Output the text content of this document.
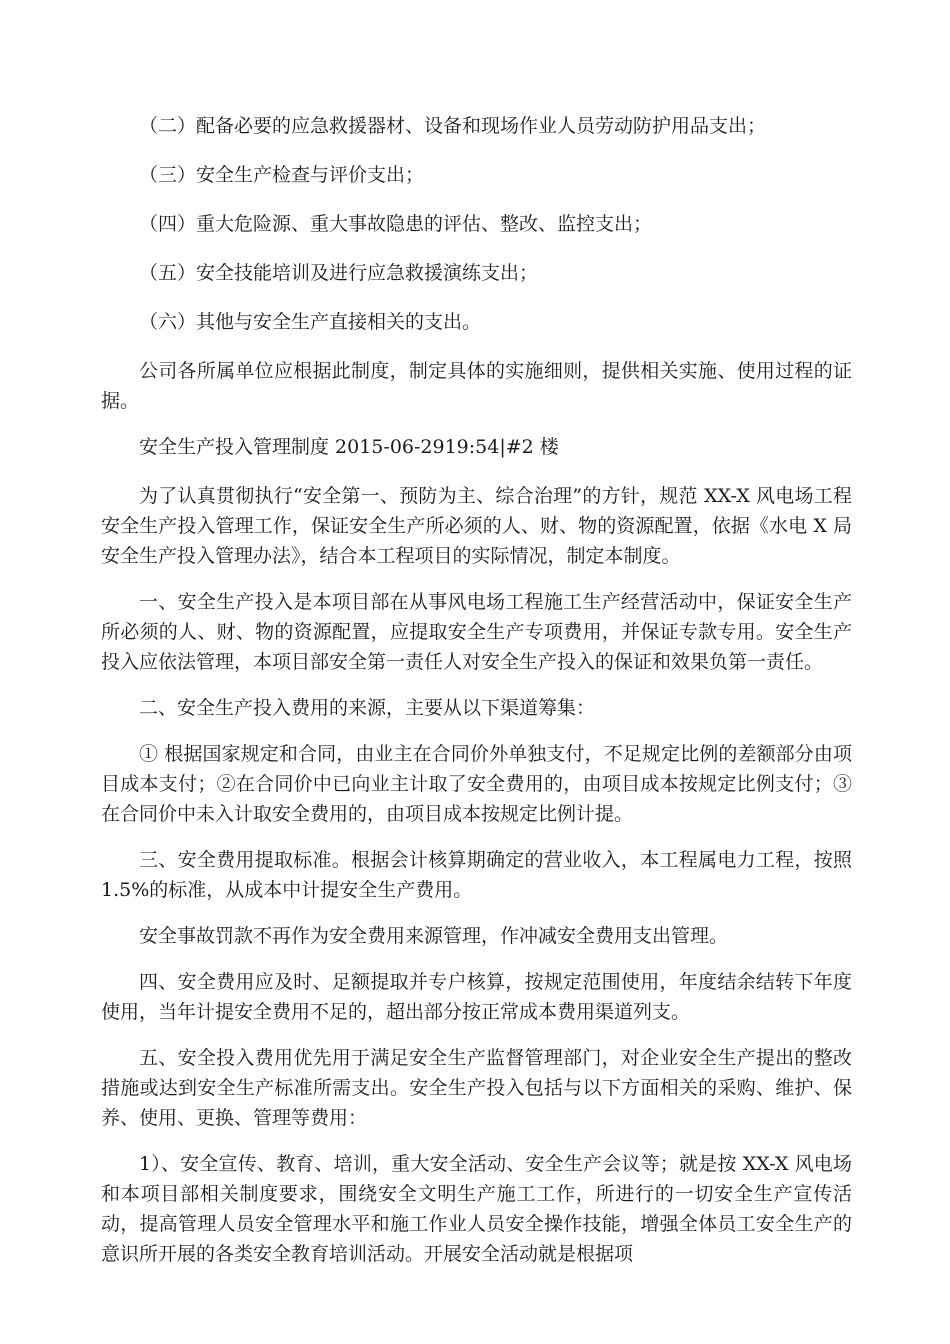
（二）配备必要的应急救援器材、设备和现场作业人员劳动防护用品支出；

（三）安全生产检查与评价支出；

（四）重大危险源、重大事故隐患的评估、整改、监控支出；

（五）安全技能培训及进行应急救援演练支出；

（六）其他与安全生产直接相关的支出。

公司各所属单位应根据此制度，制定具体的实施细则，提供相关实施、使用过程的证据。

安全生产投入管理制度 2015-06-2919:54|#2 楼

为了认真贯彻执行“安全第一、预防为主、综合治理”的方针，规范 XX-X 风电场工程安全生产投入管理工作，保证安全生产所必须的人、财、物的资源配置，依据《水电 X 局安全生产投入管理办法》，结合本工程项目的实际情况，制定本制度。

一、安全生产投入是本项目部在从事风电场工程施工生产经营活动中，保证安全生产所必须的人、财、物的资源配置，应提取安全生产专项费用，并保证专款专用。安全生产投入应依法管理，本项目部安全第一责任人对安全生产投入的保证和效果负第一责任。

二、安全生产投入费用的来源，主要从以下渠道筹集：

① 根据国家规定和合同，由业主在合同价外单独支付，不足规定比例的差额部分由项目成本支付；②在合同价中已向业主计取了安全费用的，由项目成本按规定比例支付；③在合同价中未入计取安全费用的，由项目成本按规定比例计提。

三、安全费用提取标准。根据会计核算期确定的营业收入，本工程属电力工程，按照 1.5%的标准，从成本中计提安全生产费用。

安全事故罚款不再作为安全费用来源管理，作冲减安全费用支出管理。

四、安全费用应及时、足额提取并专户核算，按规定范围使用，年度结余结转下年度使用，当年计提安全费用不足的，超出部分按正常成本费用渠道列支。

五、安全投入费用优先用于满足安全生产监督管理部门，对企业安全生产提出的整改措施或达到安全生产标准所需支出。安全生产投入包括与以下方面相关的采购、维护、保养、使用、更换、管理等费用：

1）、安全宣传、教育、培训，重大安全活动、安全生产会议等；就是按 XX-X 风电场和本项目部相关制度要求，围绕安全文明生产施工工作，所进行的一切安全生产宣传活动，提高管理人员安全管理水平和施工作业人员安全操作技能，增强全体员工安全生产的意识所开展的各类安全教育培训活动。开展安全活动就是根据项
